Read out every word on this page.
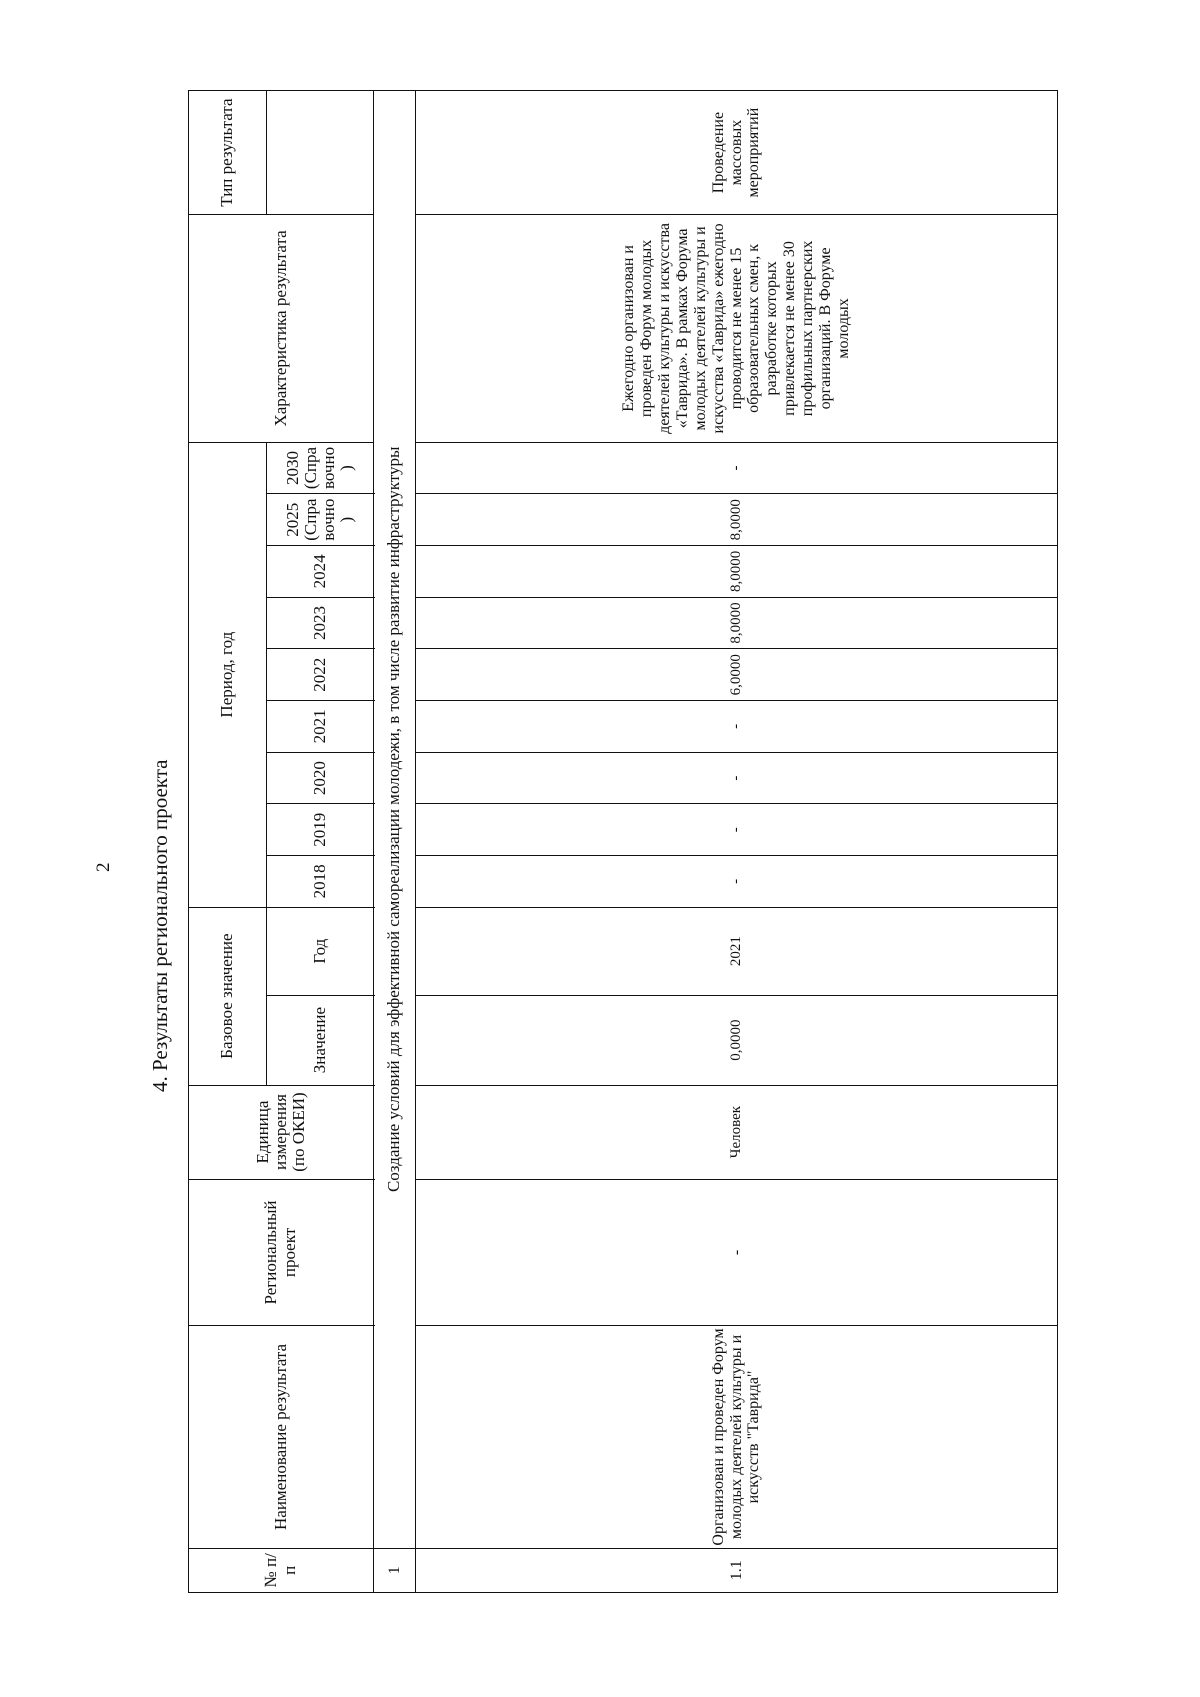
2 4. Результаты регионального проекта
№ п/п	Наименование результата	Региональный проект	Единица измерения (по ОКЕИ)	Базовое значение		Период, год									Характеристика результата	Тип результата
				Значение	Год	2018	2019	2020	2021	2022	2023	2024	2025 (Справочно)	2030 (Справочно)		

1	Создание условий для эффективной самореализации молодежи, в том числе развитие инфраструктуры															
1.1	Организован и проведен Форум молодых деятелей культуры и искусств "Таврида"	-	Человек	0,0000	2021	-	-	-	-	6,0000	8,0000	8,0000	8,0000	-	Ежегодно организован и проведен Форум молодых деятелей культуры и искусства «Таврида». В рамках Форума молодых деятелей культуры и искусства «Таврида» ежегодно проводится не менее 15 образовательных смен, к разработке которых привлекается не менее 30 профильных партнерских организаций. В Форуме молодых	Проведение массовых мероприятий
